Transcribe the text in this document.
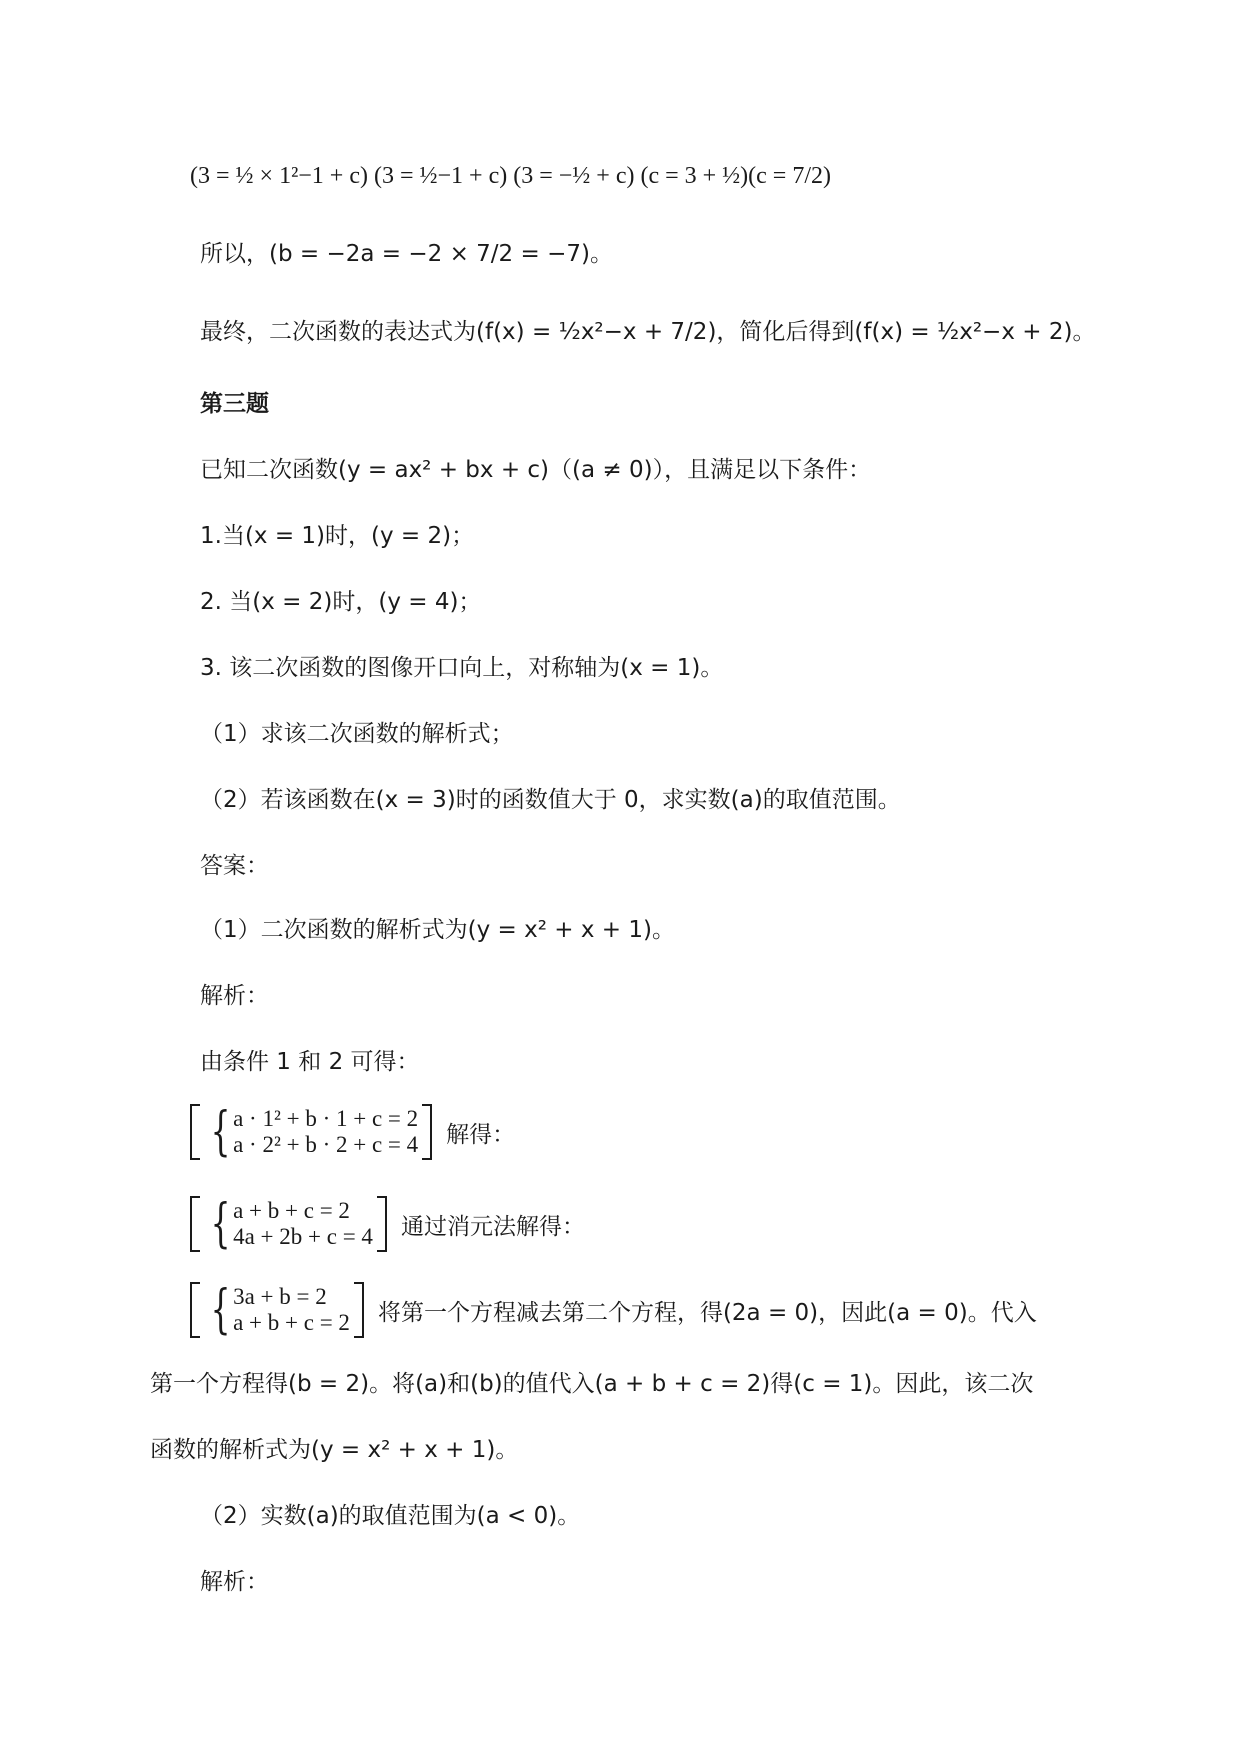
(3 = ½ × 1²−1 + c) (3 = ½−1 + c) (3 = −½ + c) (c = 3 + ½)(c = 7/2)
所以，(b = −2a = −2 × 7/2 = −7)。
最终，二次函数的表达式为(f(x) = ½x²−x + 7/2)，简化后得到(f(x) = ½x²−x + 2)。
第三题
已知二次函数(y = ax² + bx + c)（(a ≠ 0)），且满足以下条件：
1.当(x = 1)时，(y = 2)；
2. 当(x = 2)时，(y = 4)；
3. 该二次函数的图像开口向上，对称轴为(x = 1)。
（1）求该二次函数的解析式；
（2）若该函数在(x = 3)时的函数值大于 0，求实数(a)的取值范围。
答案：
（1）二次函数的解析式为(y = x² + x + 1)。
解析：
由条件 1 和 2 可得：
{ a · 1² + b · 1 + c = 2
a · 2² + b · 2 + c = 4 解得：
{ a + b + c = 2
4a + 2b + c = 4 通过消元法解得：
{ 3a + b = 2
a + b + c = 2 将第一个方程减去第二个方程，得(2a = 0)，因此(a = 0)。代入
第一个方程得(b = 2)。将(a)和(b)的值代入(a + b + c = 2)得(c = 1)。因此，该二次
函数的解析式为(y = x² + x + 1)。
（2）实数(a)的取值范围为(a < 0)。
解析：
